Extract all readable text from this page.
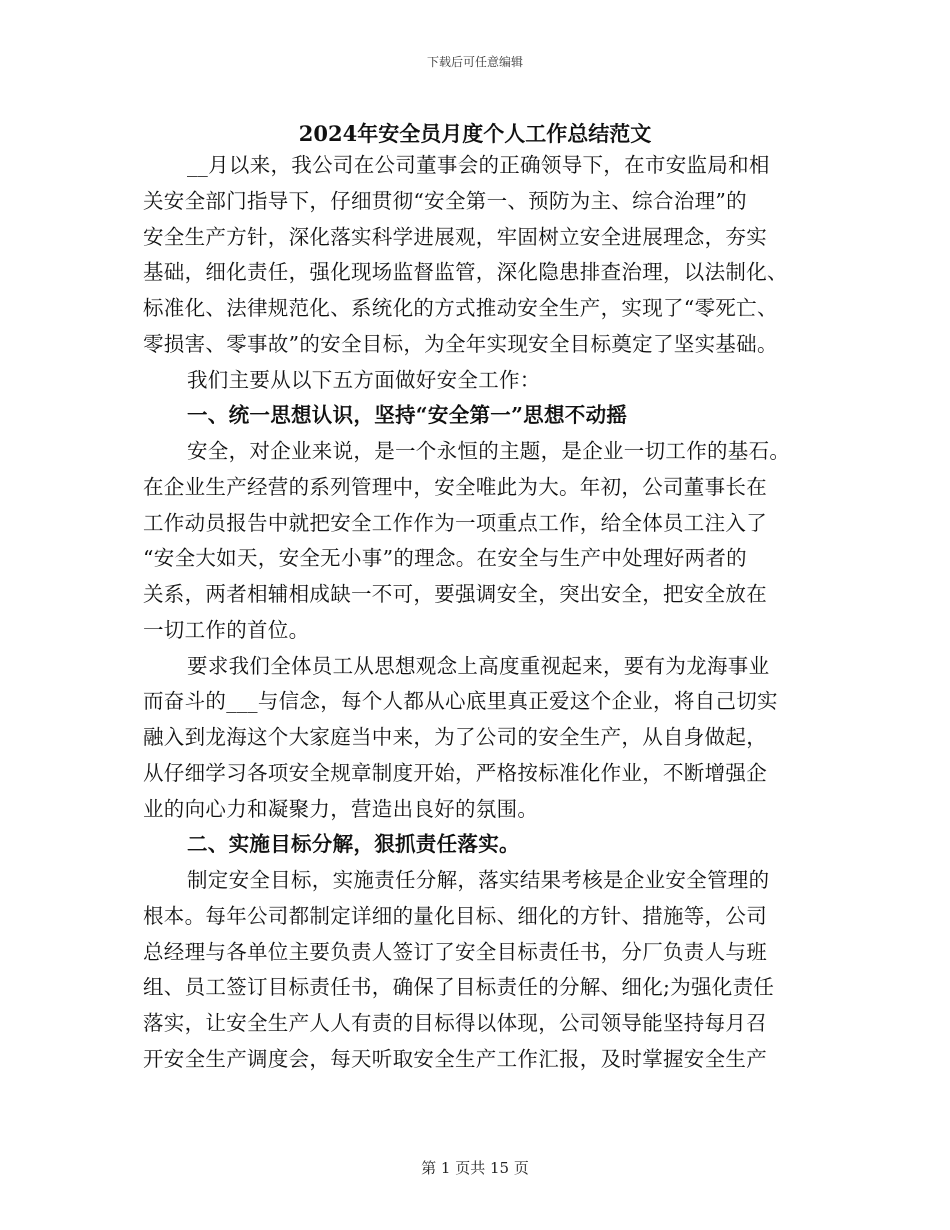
下载后可任意编辑
2024年安全员月度个人工作总结范文
__月以来，我公司在公司董事会的正确领导下，在市安监局和相
关安全部门指导下，仔细贯彻“安全第一、预防为主、综合治理”的
安全生产方针，深化落实科学进展观，牢固树立安全进展理念，夯实
基础，细化责任，强化现场监督监管，深化隐患排查治理，以法制化、
标准化、法律规范化、系统化的方式推动安全生产，实现了“零死亡、
零损害、零事故”的安全目标，为全年实现安全目标奠定了坚实基础。
我们主要从以下五方面做好安全工作：
一、统一思想认识，坚持“安全第一”思想不动摇
安全，对企业来说，是一个永恒的主题，是企业一切工作的基石。
在企业生产经营的系列管理中，安全唯此为大。年初，公司董事长在
工作动员报告中就把安全工作作为一项重点工作，给全体员工注入了
“安全大如天，安全无小事”的理念。在安全与生产中处理好两者的
关系，两者相辅相成缺一不可，要强调安全，突出安全，把安全放在
一切工作的首位。
要求我们全体员工从思想观念上高度重视起来，要有为龙海事业
而奋斗的___与信念，每个人都从心底里真正爱这个企业，将自己切实
融入到龙海这个大家庭当中来，为了公司的安全生产，从自身做起，
从仔细学习各项安全规章制度开始，严格按标准化作业，不断增强企
业的向心力和凝聚力，营造出良好的氛围。
二、实施目标分解，狠抓责任落实。
制定安全目标，实施责任分解，落实结果考核是企业安全管理的
根本。每年公司都制定详细的量化目标、细化的方针、措施等，公司
总经理与各单位主要负责人签订了安全目标责任书，分厂负责人与班
组、员工签订目标责任书，确保了目标责任的分解、细化;为强化责任
落实，让安全生产人人有责的目标得以体现，公司领导能坚持每月召
开安全生产调度会，每天听取安全生产工作汇报，及时掌握安全生产
第 1 页共 15 页
